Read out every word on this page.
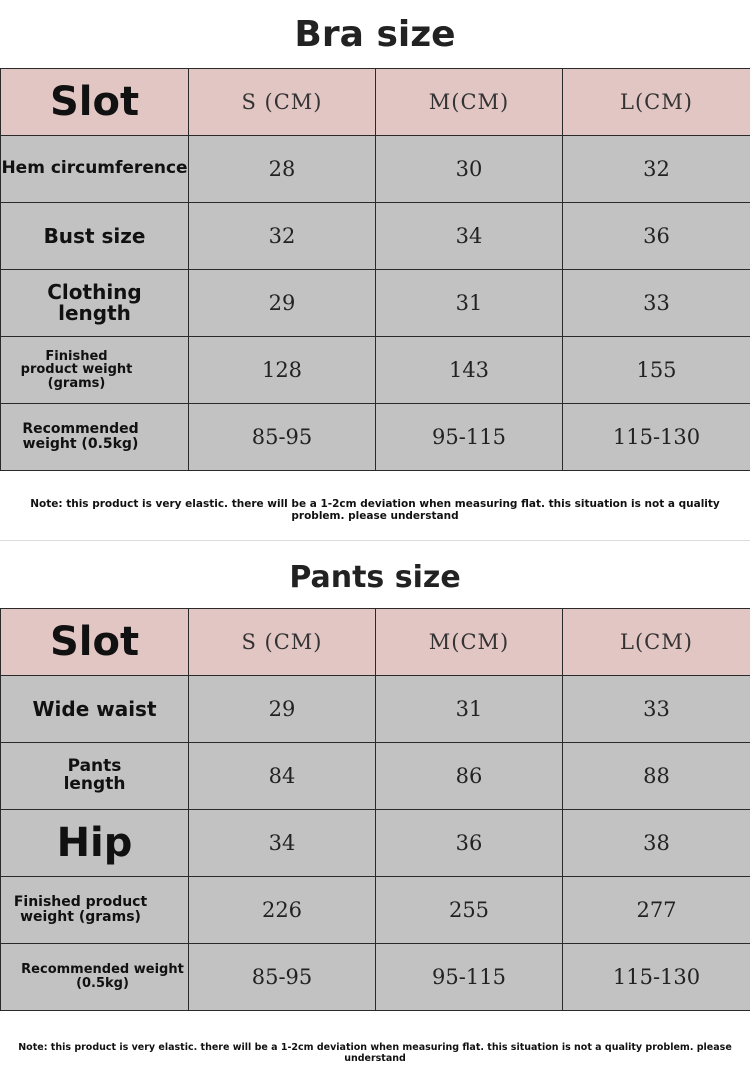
Bra size
Slot	S (CM)	M(CM)	L(CM)
Hem circumference	28	30	32
Bust size	32	34	36
Clothing length	29	31	33
Finished product weight (grams)	128	143	155
Recommended weight (0.5kg)	85-95	95-115	115-130
Note: this product is very elastic. there will be a 1-2cm deviation when measuring flat. this situation is not a quality problem. please understand
Pants size
Slot	S (CM)	M(CM)	L(CM)
Wide waist	29	31	33
Pants length	84	86	88
Hip	34	36	38
Finished product weight (grams)	226	255	277
Recommended weight (0.5kg)	85-95	95-115	115-130
Note: this product is very elastic. there will be a 1-2cm deviation when measuring flat. this situation is not a quality problem. please understand
